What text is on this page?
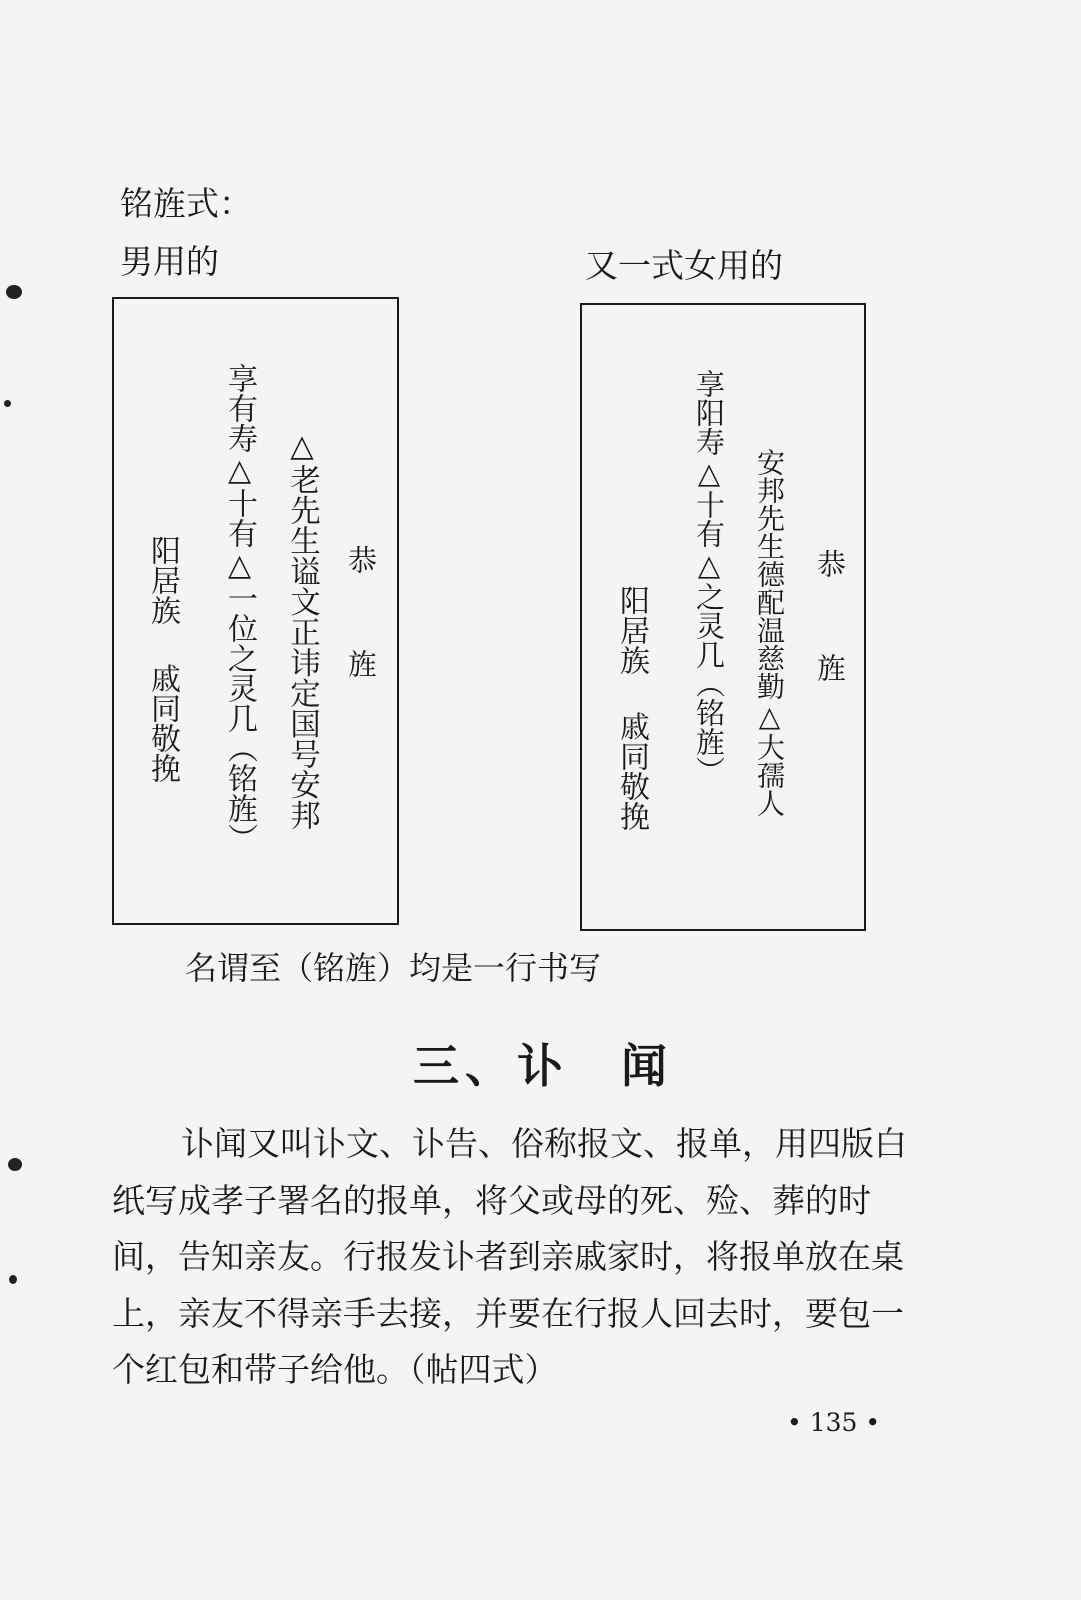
铭旌式：
男用的
恭旌
△老先生谥文正讳定国号安邦
享有寿△十有△一位之灵几（铭旌）
阳居族
戚同敬挽
又一式女用的
恭旌
安邦先生德配温慈勤△大孺人
享阳寿△十有△之灵几（铭旌）
阳居族
戚同敬挽
名谓至（铭旌）均是一行书写
三、讣　闻
讣闻又叫讣文、讣告、俗称报文、报单，用四版白
纸写成孝子署名的报单，将父或母的死、殓、葬的时
间，告知亲友。行报发讣者到亲戚家时，将报单放在桌
上，亲友不得亲手去接，并要在行报人回去时，要包一
个红包和带子给他。（帖四式）
• 135 •
